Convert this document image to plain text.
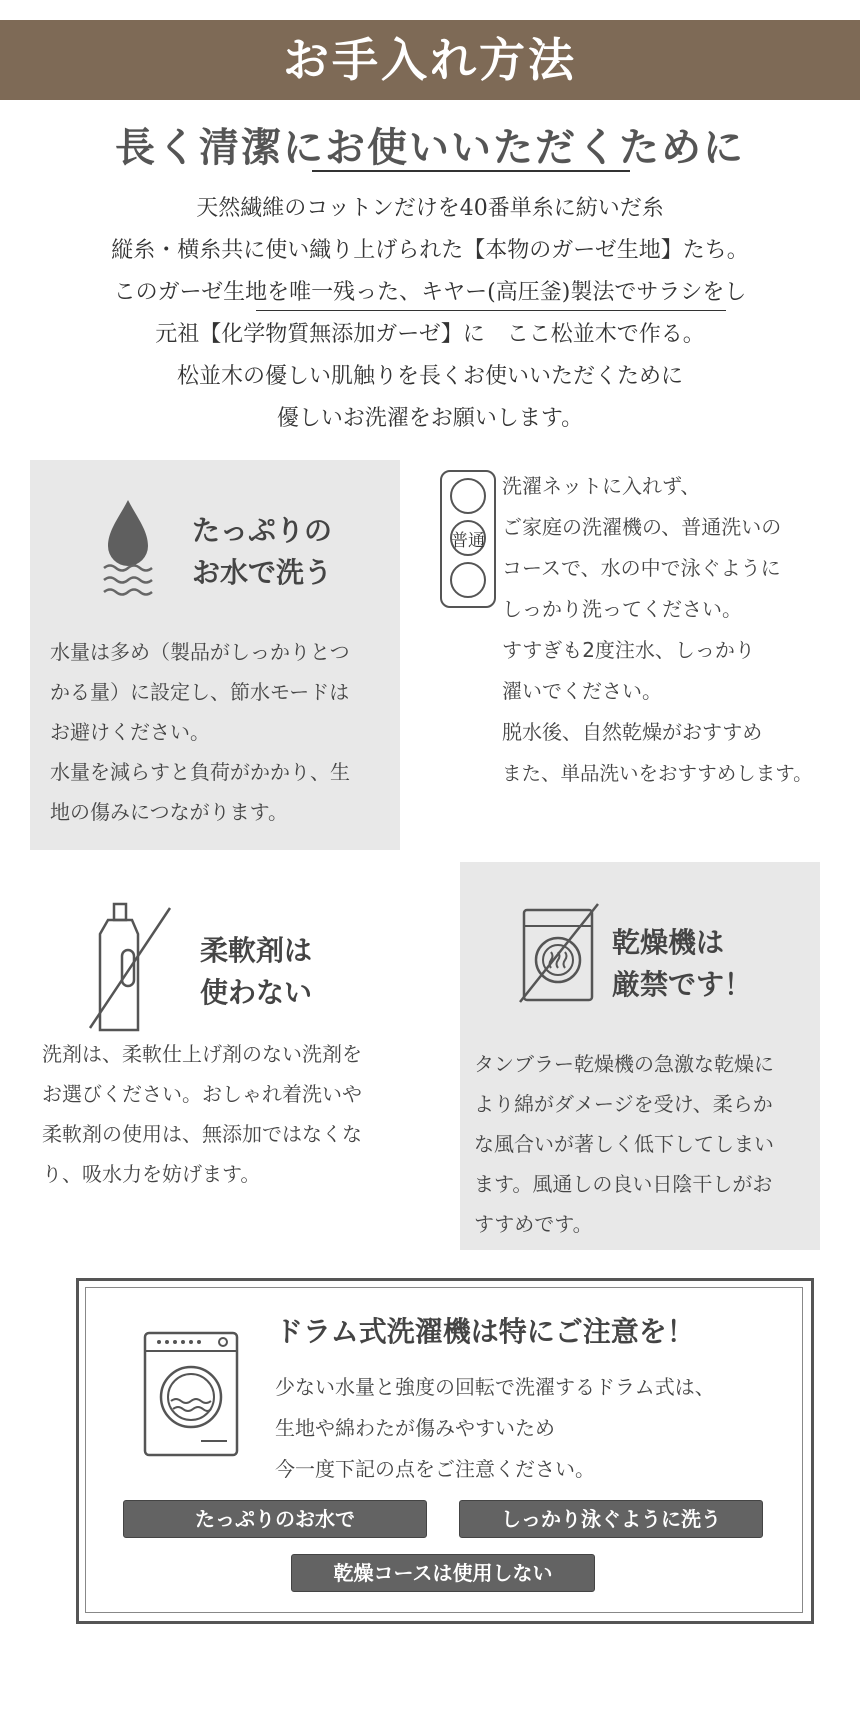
お手入れ方法
長く清潔にお使いいただくために
天然繊維のコットンだけを40番単糸に紡いだ糸
縦糸・横糸共に使い織り上げられた【本物のガーゼ生地】たち。
このガーゼ生地を唯一残った、キヤー(高圧釜)製法でサラシをし
元祖【化学物質無添加ガーゼ】に　ここ松並木で作る。
松並木の優しい肌触りを長くお使いいただくために
優しいお洗濯をお願いします。
たっぷりの
お水で洗う
水量は多め（製品がしっかりとつ
かる量）に設定し、節水モードは
お避けください。
水量を減らすと負荷がかかり、生
地の傷みにつながります。
普通
洗濯ネットに入れず、
ご家庭の洗濯機の、普通洗いの
コースで、水の中で泳ぐように
しっかり洗ってください。
すすぎも2度注水、しっかり
濯いでください。
脱水後、自然乾燥がおすすめ
また、単品洗いをおすすめします。
柔軟剤は
使わない
洗剤は、柔軟仕上げ剤のない洗剤を
お選びください。おしゃれ着洗いや
柔軟剤の使用は、無添加ではなくな
り、吸水力を妨げます。
乾燥機は
厳禁です！
タンブラー乾燥機の急激な乾燥に
より綿がダメージを受け、柔らか
な風合いが著しく低下してしまい
ます。風通しの良い日陰干しがお
すすめです。
ドラム式洗濯機は特にご注意を！
少ない水量と強度の回転で洗濯するドラム式は、
生地や綿わたが傷みやすいため
今一度下記の点をご注意ください。
たっぷりのお水で	しっかり泳ぐように洗う
乾燥コースは使用しない
